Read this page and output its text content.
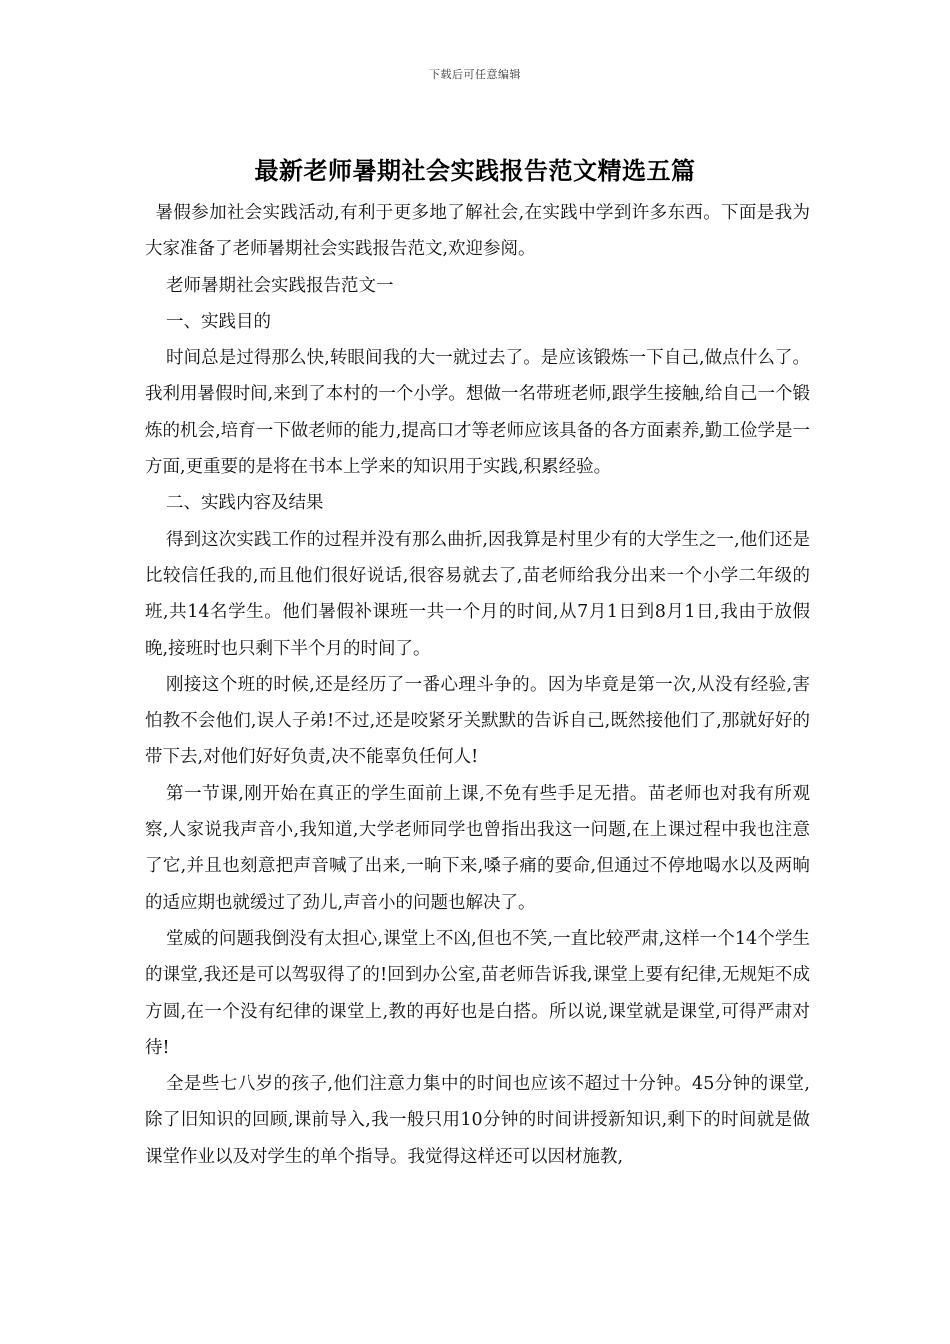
下载后可任意编辑
最新老师暑期社会实践报告范文精选五篇

暑假参加社会实践活动,有利于更多地了解社会,在实践中学到许多东西。下面是我为大家准备了老师暑期社会实践报告范文,欢迎参阅。

老师暑期社会实践报告范文一

一、实践目的

时间总是过得那么快,转眼间我的大一就过去了。是应该锻炼一下自己,做点什么了。我利用暑假时间,来到了本村的一个小学。想做一名带班老师,跟学生接触,给自己一个锻炼的机会,培育一下做老师的能力,提高口才等老师应该具备的各方面素养,勤工俭学是一方面,更重要的是将在书本上学来的知识用于实践,积累经验。

二、实践内容及结果

得到这次实践工作的过程并没有那么曲折,因我算是村里少有的大学生之一,他们还是比较信任我的,而且他们很好说话,很容易就去了,苗老师给我分出来一个小学二年级的班,共14名学生。他们暑假补课班一共一个月的时间,从7月1日到8月1日,我由于放假晚,接班时也只剩下半个月的时间了。

刚接这个班的时候,还是经历了一番心理斗争的。因为毕竟是第一次,从没有经验,害怕教不会他们,误人子弟!不过,还是咬紧牙关默默的告诉自己,既然接他们了,那就好好的带下去,对他们好好负责,决不能辜负任何人!

第一节课,刚开始在真正的学生面前上课,不免有些手足无措。苗老师也对我有所观察,人家说我声音小,我知道,大学老师同学也曾指出我这一问题,在上课过程中我也注意了它,并且也刻意把声音喊了出来,一晌下来,嗓子痛的要命,但通过不停地喝水以及两晌的适应期也就缓过了劲儿,声音小的问题也解决了。

堂威的问题我倒没有太担心,课堂上不凶,但也不笑,一直比较严肃,这样一个14个学生的课堂,我还是可以驾驭得了的!回到办公室,苗老师告诉我,课堂上要有纪律,无规矩不成方圆,在一个没有纪律的课堂上,教的再好也是白搭。所以说,课堂就是课堂,可得严肃对待!

全是些七八岁的孩子,他们注意力集中的时间也应该不超过十分钟。45分钟的课堂,除了旧知识的回顾,课前导入,我一般只用10分钟的时间讲授新知识,剩下的时间就是做课堂作业以及对学生的单个指导。我觉得这样还可以因材施教,
